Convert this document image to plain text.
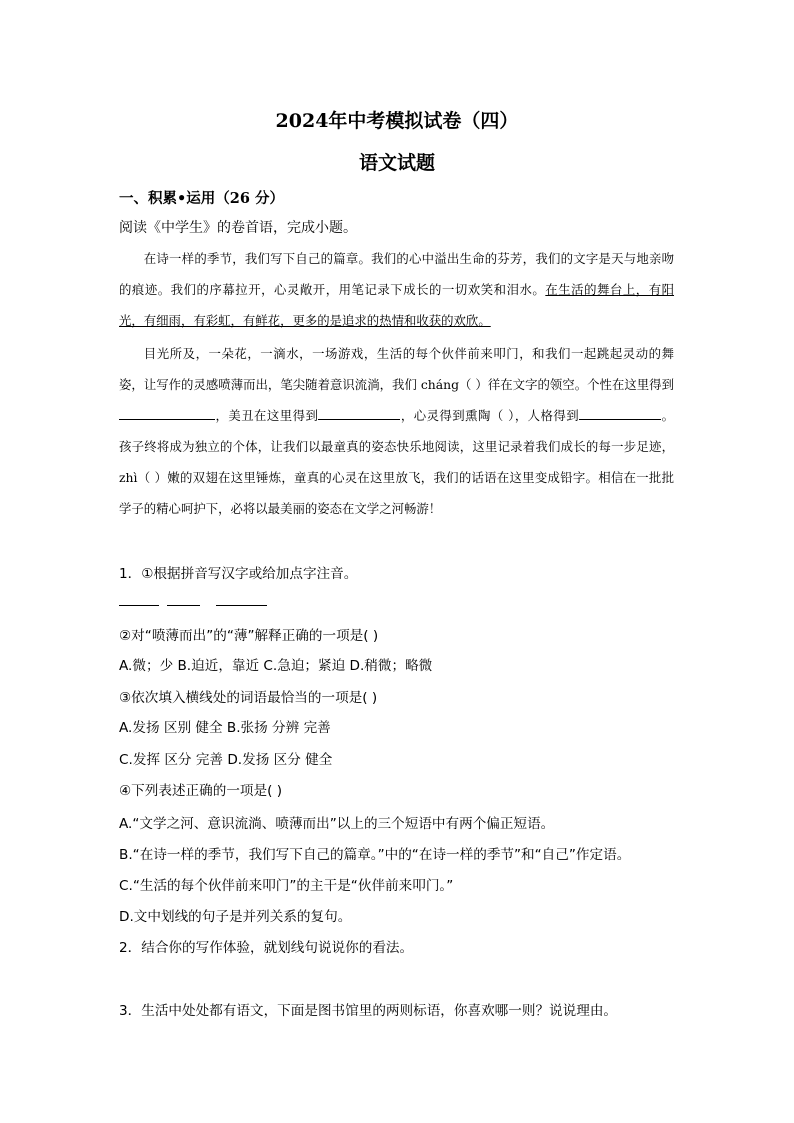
2024年中考模拟试卷（四）
语文试题
一、积累•运用（26 分）
阅读《中学生》的卷首语，完成小题。

在诗一样的季节，我们写下自己的篇章。我们的心中溢出生命的芬芳，我们的文字是天与地亲吻的痕迹。我们的序幕拉开，心灵敞开，用笔记录下成长的一切欢笑和泪水。在生活的舞台上，有阳光，有细雨，有彩虹，有鲜花，更多的是追求的热情和收获的欢欣。

目光所及，一朵花，一滴水，一场游戏，生活的每个伙伴前来叩门，和我们一起跳起灵动的舞姿，让写作的灵感喷薄而出，笔尖随着意识流淌，我们 cháng（ ）徉在文字的领空。个性在这里得到，美丑在这里得到	，心灵得到熏陶（ ），人格得到	。孩子终将成为独立的个体，让我们以最童真的姿态快乐地阅读，这里记录着我们成长的每一步足迹，zhì（ ）嫩的双翅在这里锤炼，童真的心灵在这里放飞，我们的话语在这里变成铅字。相信在一批批学子的精心呵护下，必将以最美丽的姿态在文学之河畅游！

1．①根据拼音写汉字或给加点字注音。
②对“喷薄而出”的“薄”解释正确的一项是( )
A.微；少 B.迫近，靠近 C.急迫；紧迫 D.稍微；略微
③依次填入横线处的词语最恰当的一项是( )
A.发扬 区别 健全 B.张扬 分辨 完善
C.发挥 区分 完善 D.发扬 区分 健全
④下列表述正确的一项是( )
A.“文学之河、意识流淌、喷薄而出”以上的三个短语中有两个偏正短语。
B.“在诗一样的季节，我们写下自己的篇章。”中的“在诗一样的季节”和“自己”作定语。
C.“生活的每个伙伴前来叩门”的主干是“伙伴前来叩门。”
D.文中划线的句子是并列关系的复句。
2．结合你的写作体验，就划线句说说你的看法。
3．生活中处处都有语文，下面是图书馆里的两则标语，你喜欢哪一则？说说理由。
